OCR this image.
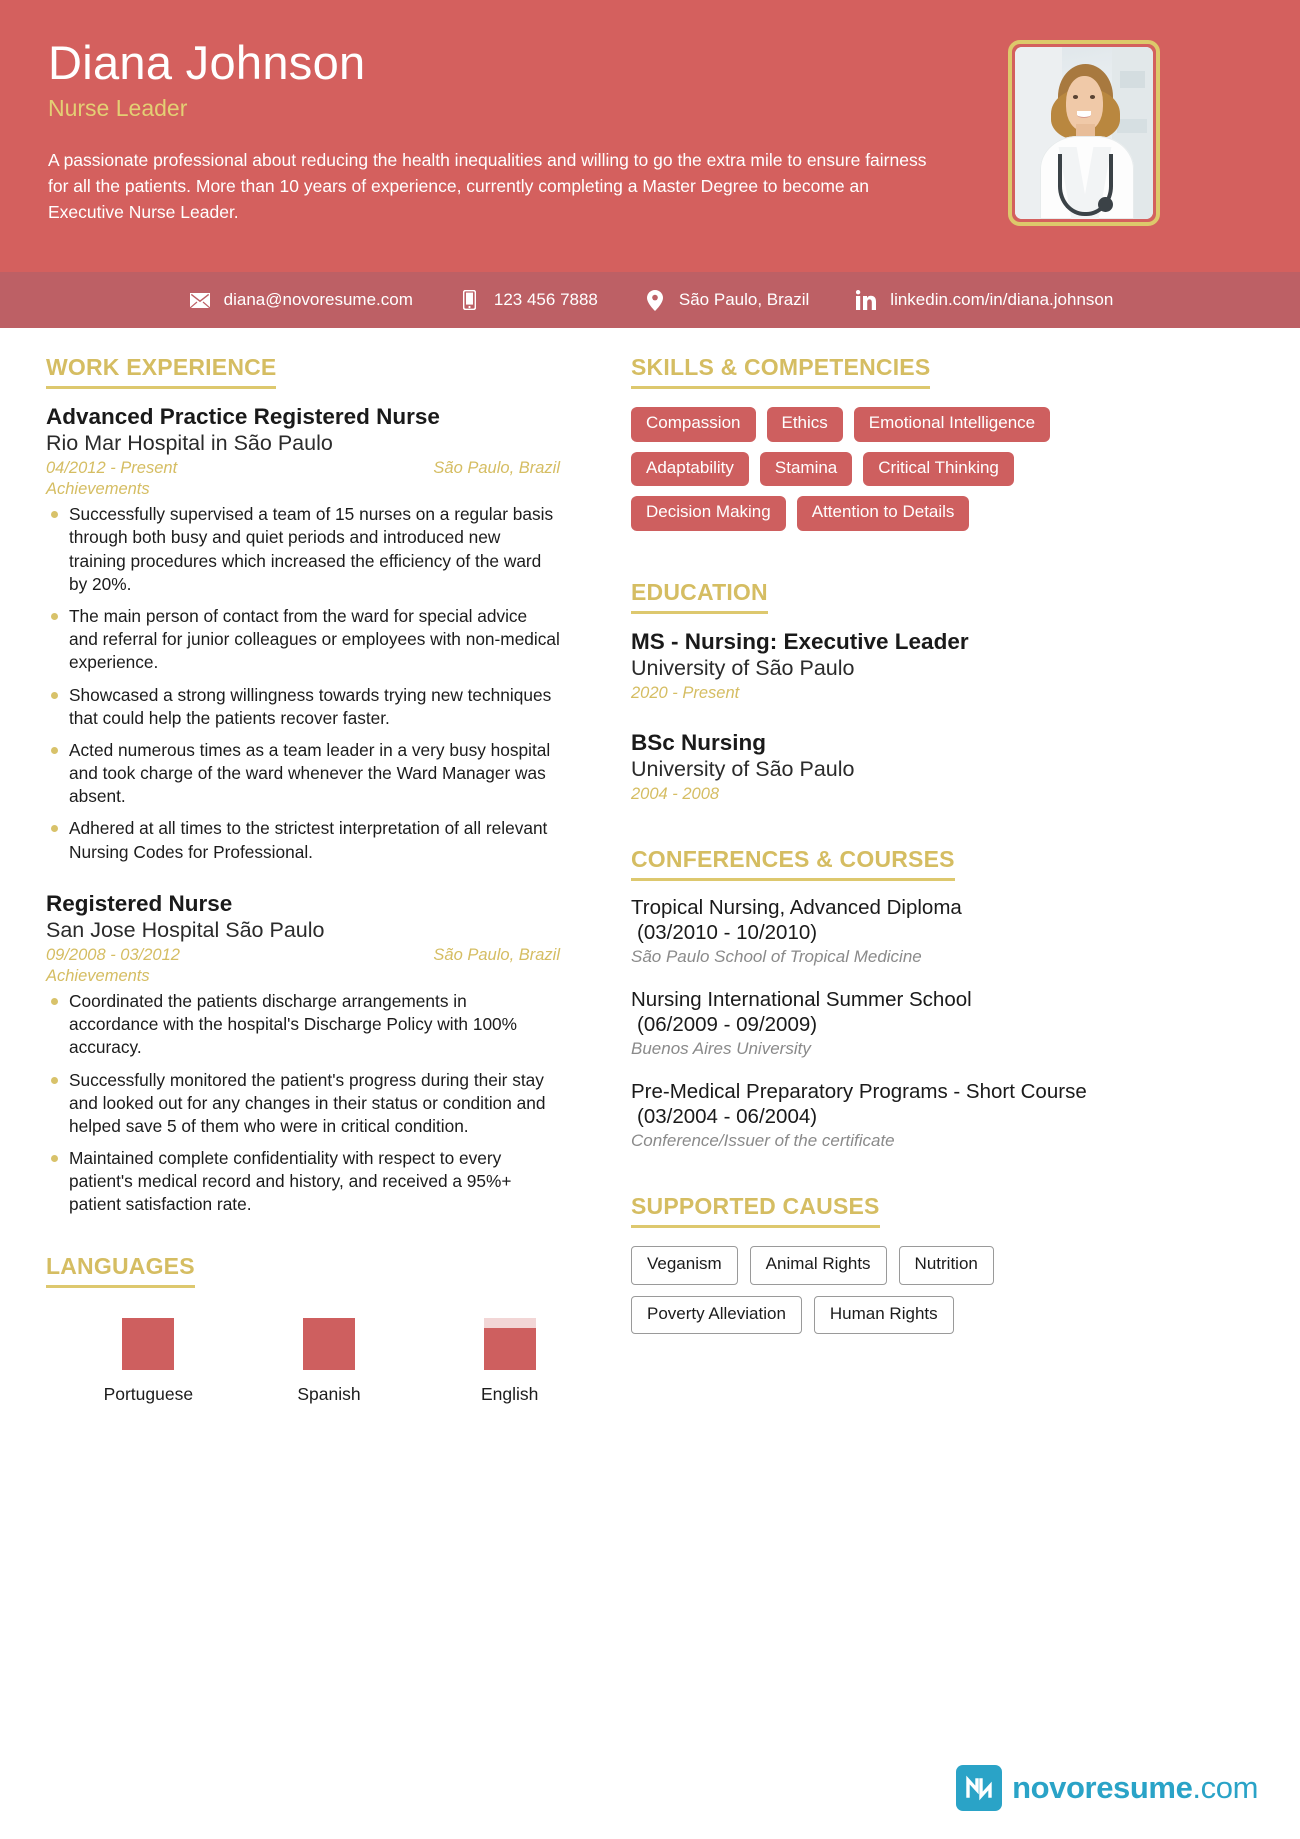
Diana Johnson
Nurse Leader
A passionate professional about reducing the health inequalities and willing to go the extra mile to ensure fairness for all the patients. More than 10 years of experience, currently completing a Master Degree to become an Executive Nurse Leader.
diana@novoresume.com	123 456 7888	São Paulo, Brazil	linkedin.com/in/diana.johnson
WORK EXPERIENCE
Advanced Practice Registered Nurse
Rio Mar Hospital in São Paulo
04/2012 - Present	São Paulo, Brazil
Achievements
Successfully supervised a team of 15 nurses on a regular basis through both busy and quiet periods and introduced new training procedures which increased the efficiency of the ward by 20%.
The main person of contact from the ward for special advice and referral for junior colleagues or employees with non-medical experience.
Showcased a strong willingness towards trying new techniques that could help the patients recover faster.
Acted numerous times as a team leader in a very busy hospital and took charge of the ward whenever the Ward Manager was absent.
Adhered at all times to the strictest interpretation of all relevant Nursing Codes for Professional.
Registered Nurse
San Jose Hospital São Paulo
09/2008 - 03/2012	São Paulo, Brazil
Achievements
Coordinated the patients discharge arrangements in accordance with the hospital's Discharge Policy with 100% accuracy.
Successfully monitored the patient's progress during their stay and looked out for any changes in their status or condition and helped save 5 of them who were in critical condition.
Maintained complete confidentiality with respect to every patient's medical record and history, and received a 95%+ patient satisfaction rate.
LANGUAGES
Portuguese	Spanish	English
SKILLS & COMPETENCIES
Compassion	Ethics	Emotional Intelligence
Adaptability	Stamina	Critical Thinking
Decision Making	Attention to Details
EDUCATION
MS - Nursing: Executive Leader
University of São Paulo
2020 - Present
BSc Nursing
University of São Paulo
2004 - 2008
CONFERENCES & COURSES
Tropical Nursing, Advanced Diploma
(03/2010 - 10/2010)
São Paulo School of Tropical Medicine
Nursing International Summer School
(06/2009 - 09/2009)
Buenos Aires University
Pre-Medical Preparatory Programs - Short Course
(03/2004 - 06/2004)
Conference/Issuer of the certificate
SUPPORTED CAUSES
Veganism	Animal Rights	Nutrition
Poverty Alleviation	Human Rights
novoresume.com
